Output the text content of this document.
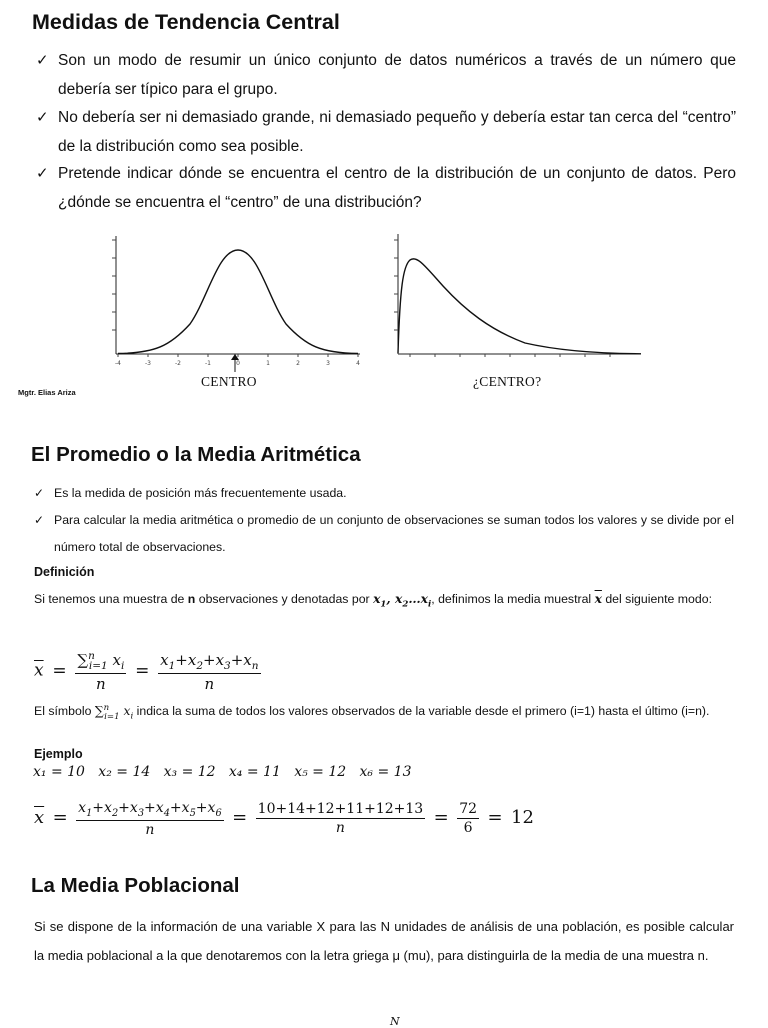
Medidas de Tendencia Central
✓ Son un modo de resumir un único conjunto de datos numéricos a través de un número que debería ser típico para el grupo.
✓ No debería ser ni demasiado grande, ni demasiado pequeño y debería estar tan cerca del “centro” de la distribución como sea posible.
✓ Pretende indicar dónde se encuentra el centro de la distribución de un conjunto de datos. Pero ¿dónde se encuentra el “centro” de una distribución?
-4	-3	-2	-1	0	1	2	3	4
CENTRO	¿CENTRO?
Mgtr. Elias Ariza
El Promedio o la Media Aritmética
✓ Es la medida de posición más frecuentemente usada.
✓ Para calcular la media aritmética o promedio de un conjunto de observaciones se suman todos los valores y se divide por el número total de observaciones.
Definición
Si tenemos una muestra de n observaciones y denotadas por $x_1$, $x_2\dots x_i$, definimos la media muestral $\overline{x}$ del siguiente modo:
$\overline{x} = \frac{\sum^n_{i=1} x_i}{n} = \frac{x_1+x_2+x_3+x_n}{n}$
El símbolo ∑$^n_{i=1}$ $x_i$ indica la suma de todos los valores observados de la variable desde el primero (i=1) hasta el último (i=n).
Ejemplo
x₁ = 10   x₂ = 14   x₃ = 12   x₄ = 11   x₅ = 12   x₆ = 13
$\overline{x} = \frac{x_1+x_2+x_3+x_4+x_5+x_6}{n} = \frac{10+14+12+11+12+13}{n} = \frac{72}{6} = 12$
La Media Poblacional
Si se dispone de la información de una variable X para las N unidades de análisis de una población, es posible calcular la media poblacional a la que denotaremos con la letra griega μ (mu), para distinguirla de la media de una muestra n.
N
